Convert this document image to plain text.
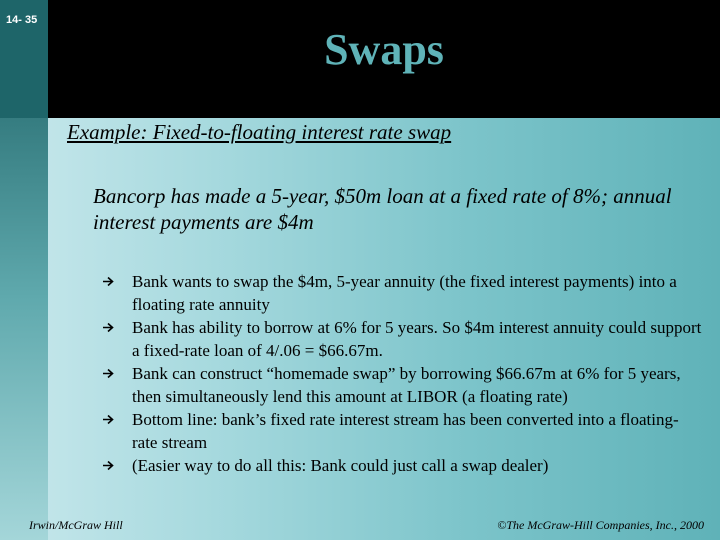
14- 35
Swaps
Example: Fixed-to-floating interest rate swap
Bancorp has made a 5-year, $50m loan at a fixed rate of 8%; annual interest payments are $4m
Bank wants to swap the $4m, 5-year annuity (the fixed interest payments) into a floating rate annuity
Bank has ability to borrow at 6% for 5 years. So $4m interest annuity could support a fixed-rate loan of 4/.06 = $66.67m.
Bank can construct “homemade swap” by borrowing $66.67m at 6% for 5 years, then simultaneously lend this amount at LIBOR (a floating rate)
Bottom line: bank’s fixed rate interest stream has been converted into a floating-rate stream
(Easier way to do all this: Bank could just call a swap dealer)
Irwin/McGraw Hill	©The McGraw-Hill Companies, Inc., 2000
